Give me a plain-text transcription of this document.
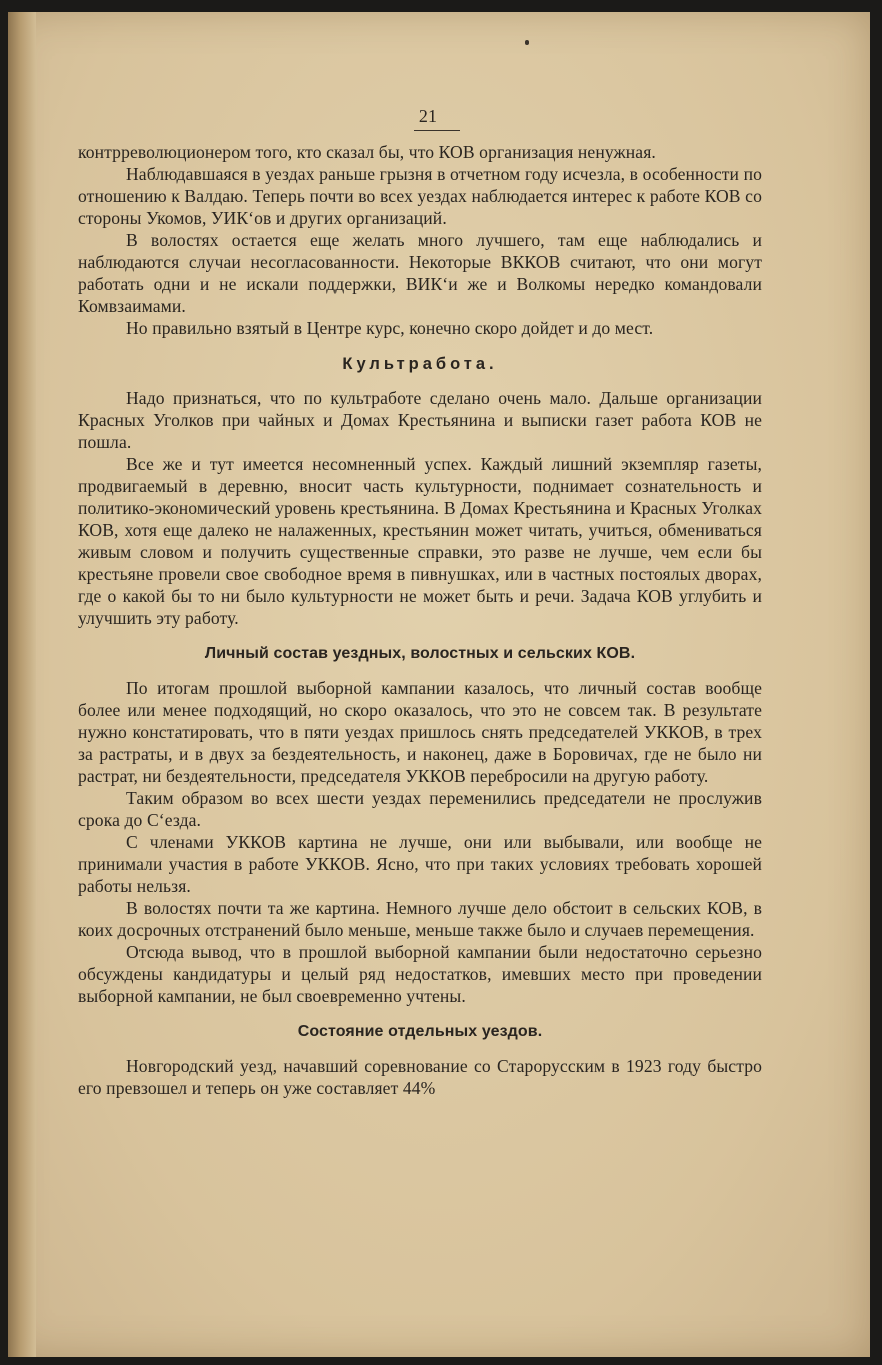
21

контрреволюционером того, кто сказал бы, что КОВ организация ненужная.

Наблюдавшаяся в уездах раньше грызня в отчетном году исчезла, в особенности по отношению к Валдаю. Теперь почти во всех уездах наблюдается интерес к работе КОВ со стороны Укомов, УИК‘ов и других организаций.

В волостях остается еще желать много лучшего, там еще наблюдались и наблюдаются случаи несогласованности. Некоторые ВККОВ считают, что они могут работать одни и не искали поддержки, ВИК‘и же и Волкомы нередко командовали Комвзаимами.

Но правильно взятый в Центре курс, конечно скоро дойдет и до мест.

Культработа.

Надо признаться, что по культработе сделано очень мало. Дальше организации Красных Уголков при чайных и Домах Крестьянина и выписки газет работа КОВ не пошла.

Все же и тут имеется несомненный успех. Каждый лишний экземпляр газеты, продвигаемый в деревню, вносит часть культурности, поднимает сознательность и политико-экономический уровень крестьянина. В Домах Крестьянина и Красных Уголках КОВ, хотя еще далеко не налаженных, крестьянин может читать, учиться, обмениваться живым словом и получить существенные справки, это разве не лучше, чем если бы крестьяне провели свое свободное время в пивнушках, или в частных постоялых дворах, где о какой бы то ни было культурности не может быть и речи. Задача КОВ углубить и улучшить эту работу.

Личный состав уездных, волостных и сельских КОВ.

По итогам прошлой выборной кампании казалось, что личный состав вообще более или менее подходящий, но скоро оказалось, что это не совсем так. В результате нужно констатировать, что в пяти уездах пришлось снять председателей УККОВ, в трех за растраты, и в двух за бездеятельность, и наконец, даже в Боровичах, где не было ни растрат, ни бездеятельности, председателя УККОВ перебросили на другую работу.

Таким образом во всех шести уездах переменились председатели не прослужив срока до С‘езда.

С членами УККОВ картина не лучше, они или выбывали, или вообще не принимали участия в работе УККОВ. Ясно, что при таких условиях требовать хорошей работы нельзя.

В волостях почти та же картина. Немного лучше дело обстоит в сельских КОВ, в коих досрочных отстранений было меньше, меньше также было и случаев перемещения.

Отсюда вывод, что в прошлой выборной кампании были недостаточно серьезно обсуждены кандидатуры и целый ряд недостатков, имевших место при проведении выборной кампании, не был своевременно учтены.

Состояние отдельных уездов.

Новгородский уезд, начавший соревнование со Старорусским в 1923 году быстро его превзошел и теперь он уже составляет 44%
